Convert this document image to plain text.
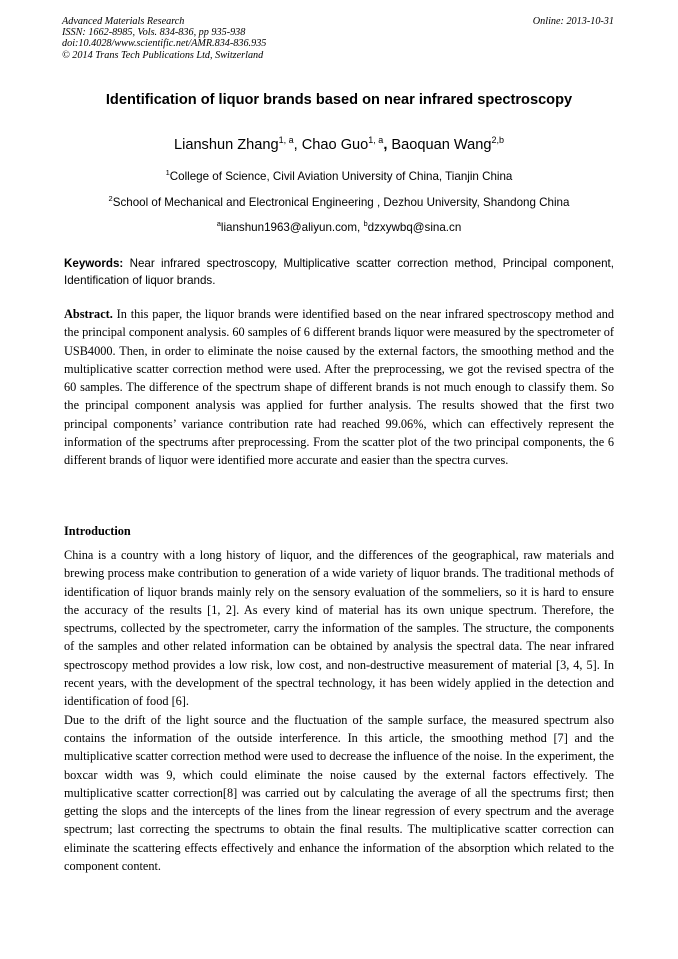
Advanced Materials Research
ISSN: 1662-8985, Vols. 834-836, pp 935-938
doi:10.4028/www.scientific.net/AMR.834-836.935
© 2014 Trans Tech Publications Ltd, Switzerland
Online: 2013-10-31
Identification of liquor brands based on near infrared spectroscopy
Lianshun Zhang$^{1, a}$, Chao Guo$^{1, a}$, Baoquan Wang$^{2,b}$
$^1$College of Science, Civil Aviation University of China, Tianjin China
$^2$School of Mechanical and Electronical Engineering , Dezhou University, Shandong China
$^a$lianshun1963@aliyun.com, $^b$dzxywbq@sina.cn
Keywords: Near infrared spectroscopy, Multiplicative scatter correction method, Principal component, Identification of liquor brands.
Abstract. In this paper, the liquor brands were identified based on the near infrared spectroscopy method and the principal component analysis. 60 samples of 6 different brands liquor were measured by the spectrometer of USB4000. Then, in order to eliminate the noise caused by the external factors, the smoothing method and the multiplicative scatter correction method were used. After the preprocessing, we got the revised spectra of the 60 samples. The difference of the spectrum shape of different brands is not much enough to classify them. So the principal component analysis was applied for further analysis. The results showed that the first two principal components’ variance contribution rate had reached 99.06%, which can effectively represent the information of the spectrums after preprocessing. From the scatter plot of the two principal components, the 6 different brands of liquor were identified more accurate and easier than the spectra curves.
Introduction

China is a country with a long history of liquor, and the differences of the geographical, raw materials and brewing process make contribution to generation of a wide variety of liquor brands. The traditional methods of identification of liquor brands mainly rely on the sensory evaluation of the sommeliers, so it is hard to ensure the accuracy of the results [1, 2]. As every kind of material has its own unique spectrum. Therefore, the spectrums, collected by the spectrometer, carry the information of the samples. The structure, the components of the samples and other related information can be obtained by analysis the spectral data. The near infrared spectroscopy method provides a low risk, low cost, and non-destructive measurement of material [3, 4, 5]. In recent years, with the development of the spectral technology, it has been widely applied in the detection and identification of food [6].

Due to the drift of the light source and the fluctuation of the sample surface, the measured spectrum also contains the information of the outside interference. In this article, the smoothing method [7] and the multiplicative scatter correction method were used to decrease the influence of the noise. In the experiment, the boxcar width was 9, which could eliminate the noise caused by the external factors effectively. The multiplicative scatter correction[8] was carried out by calculating the average of all the spectrums first; then getting the slops and the intercepts of the lines from the linear regression of every spectrum and the average spectrum; last correcting the spectrums to obtain the final results. The multiplicative scatter correction can eliminate the scattering effects effectively and enhance the information of the absorption which related to the component content.
